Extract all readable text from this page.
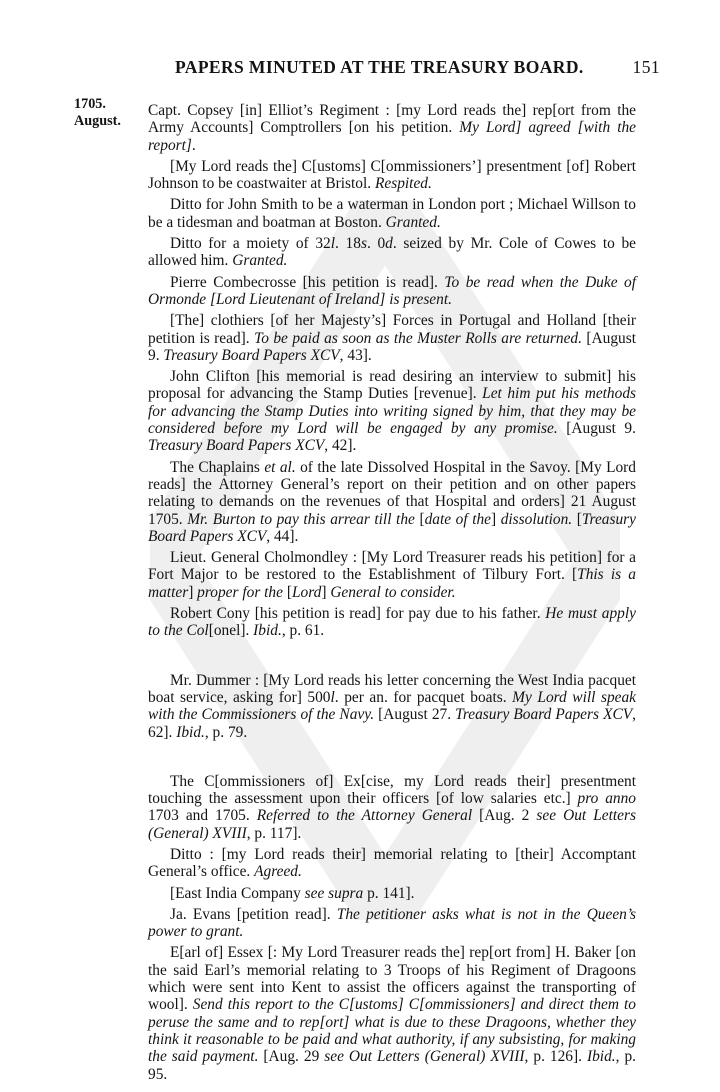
PAPERS MINUTED AT THE TREASURY BOARD.	151
1705.
August.

Capt. Copsey [in] Elliot’s Regiment : [my Lord reads the] rep[ort from the Army Accounts] Comptrollers [on his petition. My Lord] agreed [with the report].

[My Lord reads the] C[ustoms] C[ommissioners’] presentment [of] Robert Johnson to be coastwaiter at Bristol. Respited.

Ditto for John Smith to be a waterman in London port ; Michael Willson to be a tidesman and boatman at Boston. Granted.

Ditto for a moiety of 32l. 18s. 0d. seized by Mr. Cole of Cowes to be allowed him. Granted.

Pierre Combecrosse [his petition is read]. To be read when the Duke of Ormonde [Lord Lieutenant of Ireland] is present.

[The] clothiers [of her Majesty’s] Forces in Portugal and Holland [their petition is read]. To be paid as soon as the Muster Rolls are returned. [August 9. Treasury Board Papers XCV, 43].

John Clifton [his memorial is read desiring an interview to submit] his proposal for advancing the Stamp Duties [revenue]. Let him put his methods for advancing the Stamp Duties into writing signed by him, that they may be considered before my Lord will be engaged by any promise. [August 9. Treasury Board Papers XCV, 42].

The Chaplains et al. of the late Dissolved Hospital in the Savoy. [My Lord reads] the Attorney General’s report on their petition and on other papers relating to demands on the revenues of that Hospital and orders] 21 August 1705. Mr. Burton to pay this arrear till the [date of the] dissolution. [Treasury Board Papers XCV, 44].

Lieut. General Cholmondley : [My Lord Treasurer reads his petition] for a Fort Major to be restored to the Establishment of Tilbury Fort. [This is a matter] proper for the [Lord] General to consider.

Robert Cony [his petition is read] for pay due to his father. He must apply to the Col[onel]. Ibid., p. 61.

Mr. Dummer : [My Lord reads his letter concerning the West India pacquet boat service, asking for] 500l. per an. for pacquet boats. My Lord will speak with the Commissioners of the Navy. [August 27. Treasury Board Papers XCV, 62]. Ibid., p. 79.

The C[ommissioners of] Ex[cise, my Lord reads their] presentment touching the assessment upon their officers [of low salaries etc.] pro anno 1703 and 1705. Referred to the Attorney General [Aug. 2 see Out Letters (General) XVIII, p. 117].

Ditto : [my Lord reads their] memorial relating to [their] Accomptant General’s office. Agreed.

[East India Company see supra p. 141].

Ja. Evans [petition read]. The petitioner asks what is not in the Queen’s power to grant.

E[arl of] Essex [: My Lord Treasurer reads the] rep[ort from] H. Baker [on the said Earl’s memorial relating to 3 Troops of his Regiment of Dragoons which were sent into Kent to assist the officers against the transporting of wool]. Send this report to the C[ustoms] C[ommissioners] and direct them to peruse the same and to rep[ort] what is due to these Dragoons, whether they think it reasonable to be paid and what authority, if any subsisting, for making the said payment. [Aug. 29 see Out Letters (General) XVIII, p. 126]. Ibid., p. 95.
